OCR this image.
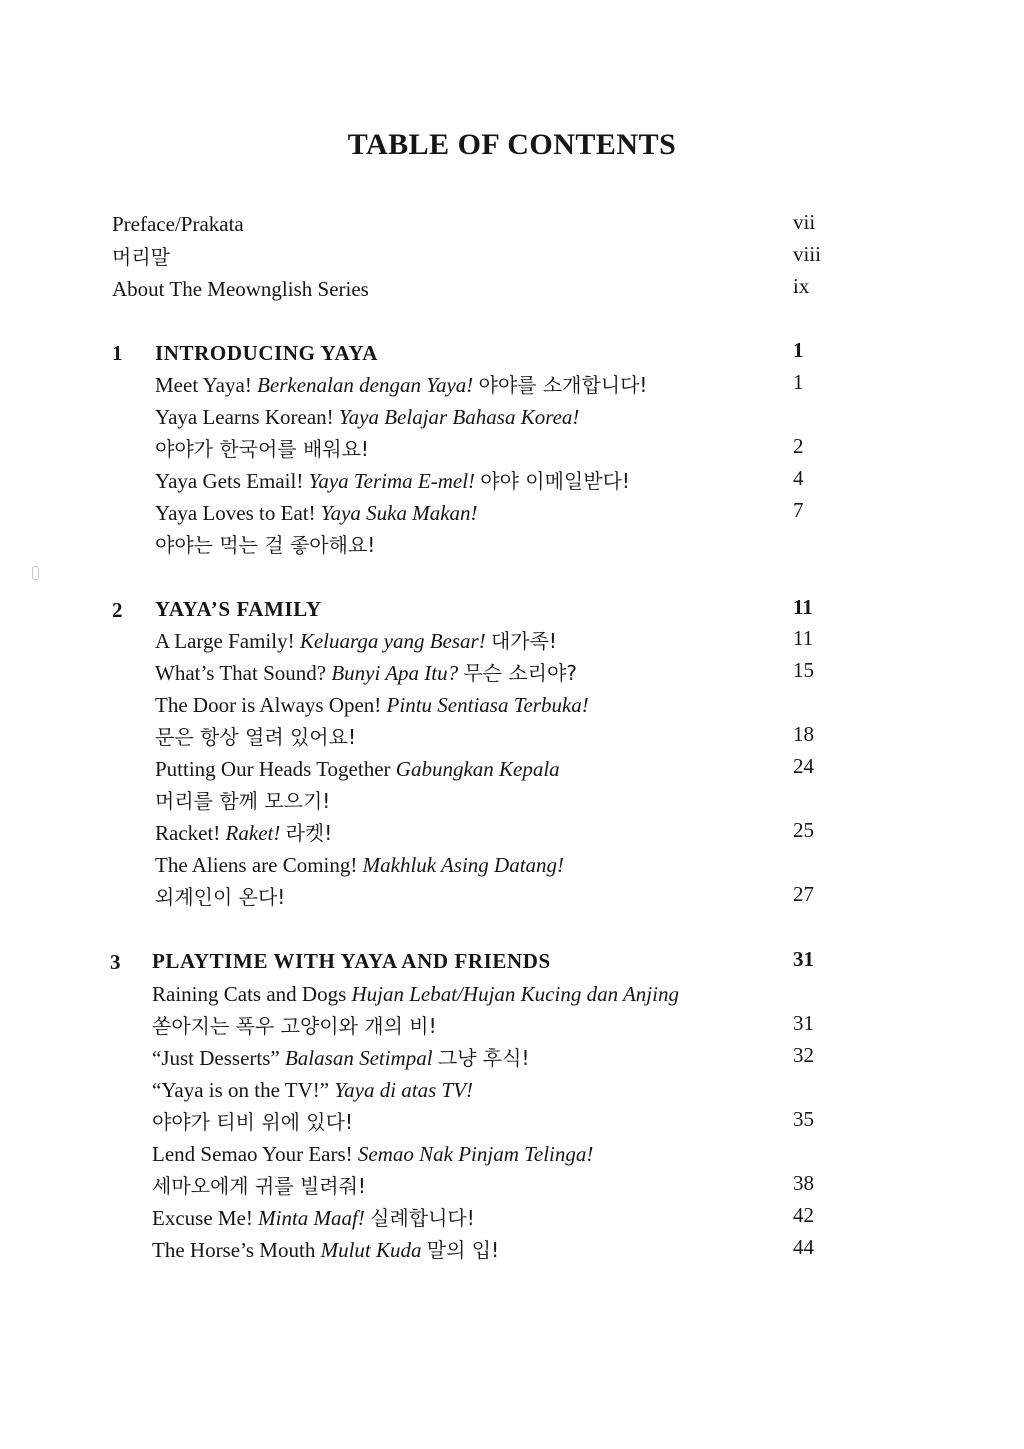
TABLE OF CONTENTS
Preface/Prakata	vii
머리말	viii
About The Meownglish Series	ix
1 INTRODUCING YAYA	1
Meet Yaya! Berkenalan dengan Yaya! 야야를 소개합니다!	1
Yaya Learns Korean! Yaya Belajar Bahasa Korea!
야야가 한국어를 배워요!	2
Yaya Gets Email! Yaya Terima E-mel! 야야 이메일받다!	4
Yaya Loves to Eat! Yaya Suka Makan!	7
야야는 먹는 걸 좋아해요!
2 YAYA’S FAMILY	11
A Large Family! Keluarga yang Besar! 대가족!	11
What’s That Sound? Bunyi Apa Itu? 무슨 소리야?	15
The Door is Always Open! Pintu Sentiasa Terbuka!
문은 항상 열려 있어요!	18
Putting Our Heads Together Gabungkan Kepala	24
머리를 함께 모으기!
Racket! Raket! 라켓!	25
The Aliens are Coming! Makhluk Asing Datang!
외계인이 온다!	27
3 PLAYTIME WITH YAYA AND FRIENDS	31
Raining Cats and Dogs Hujan Lebat/Hujan Kucing dan Anjing
쏟아지는 폭우 고양이와 개의 비!	31
“Just Desserts” Balasan Setimpal 그냥 후식!	32
“Yaya is on the TV!” Yaya di atas TV!
야야가 티비 위에 있다!	35
Lend Semao Your Ears! Semao Nak Pinjam Telinga!
세마오에게 귀를 빌려줘!	38
Excuse Me! Minta Maaf! 실례합니다!	42
The Horse’s Mouth Mulut Kuda 말의 입!	44
